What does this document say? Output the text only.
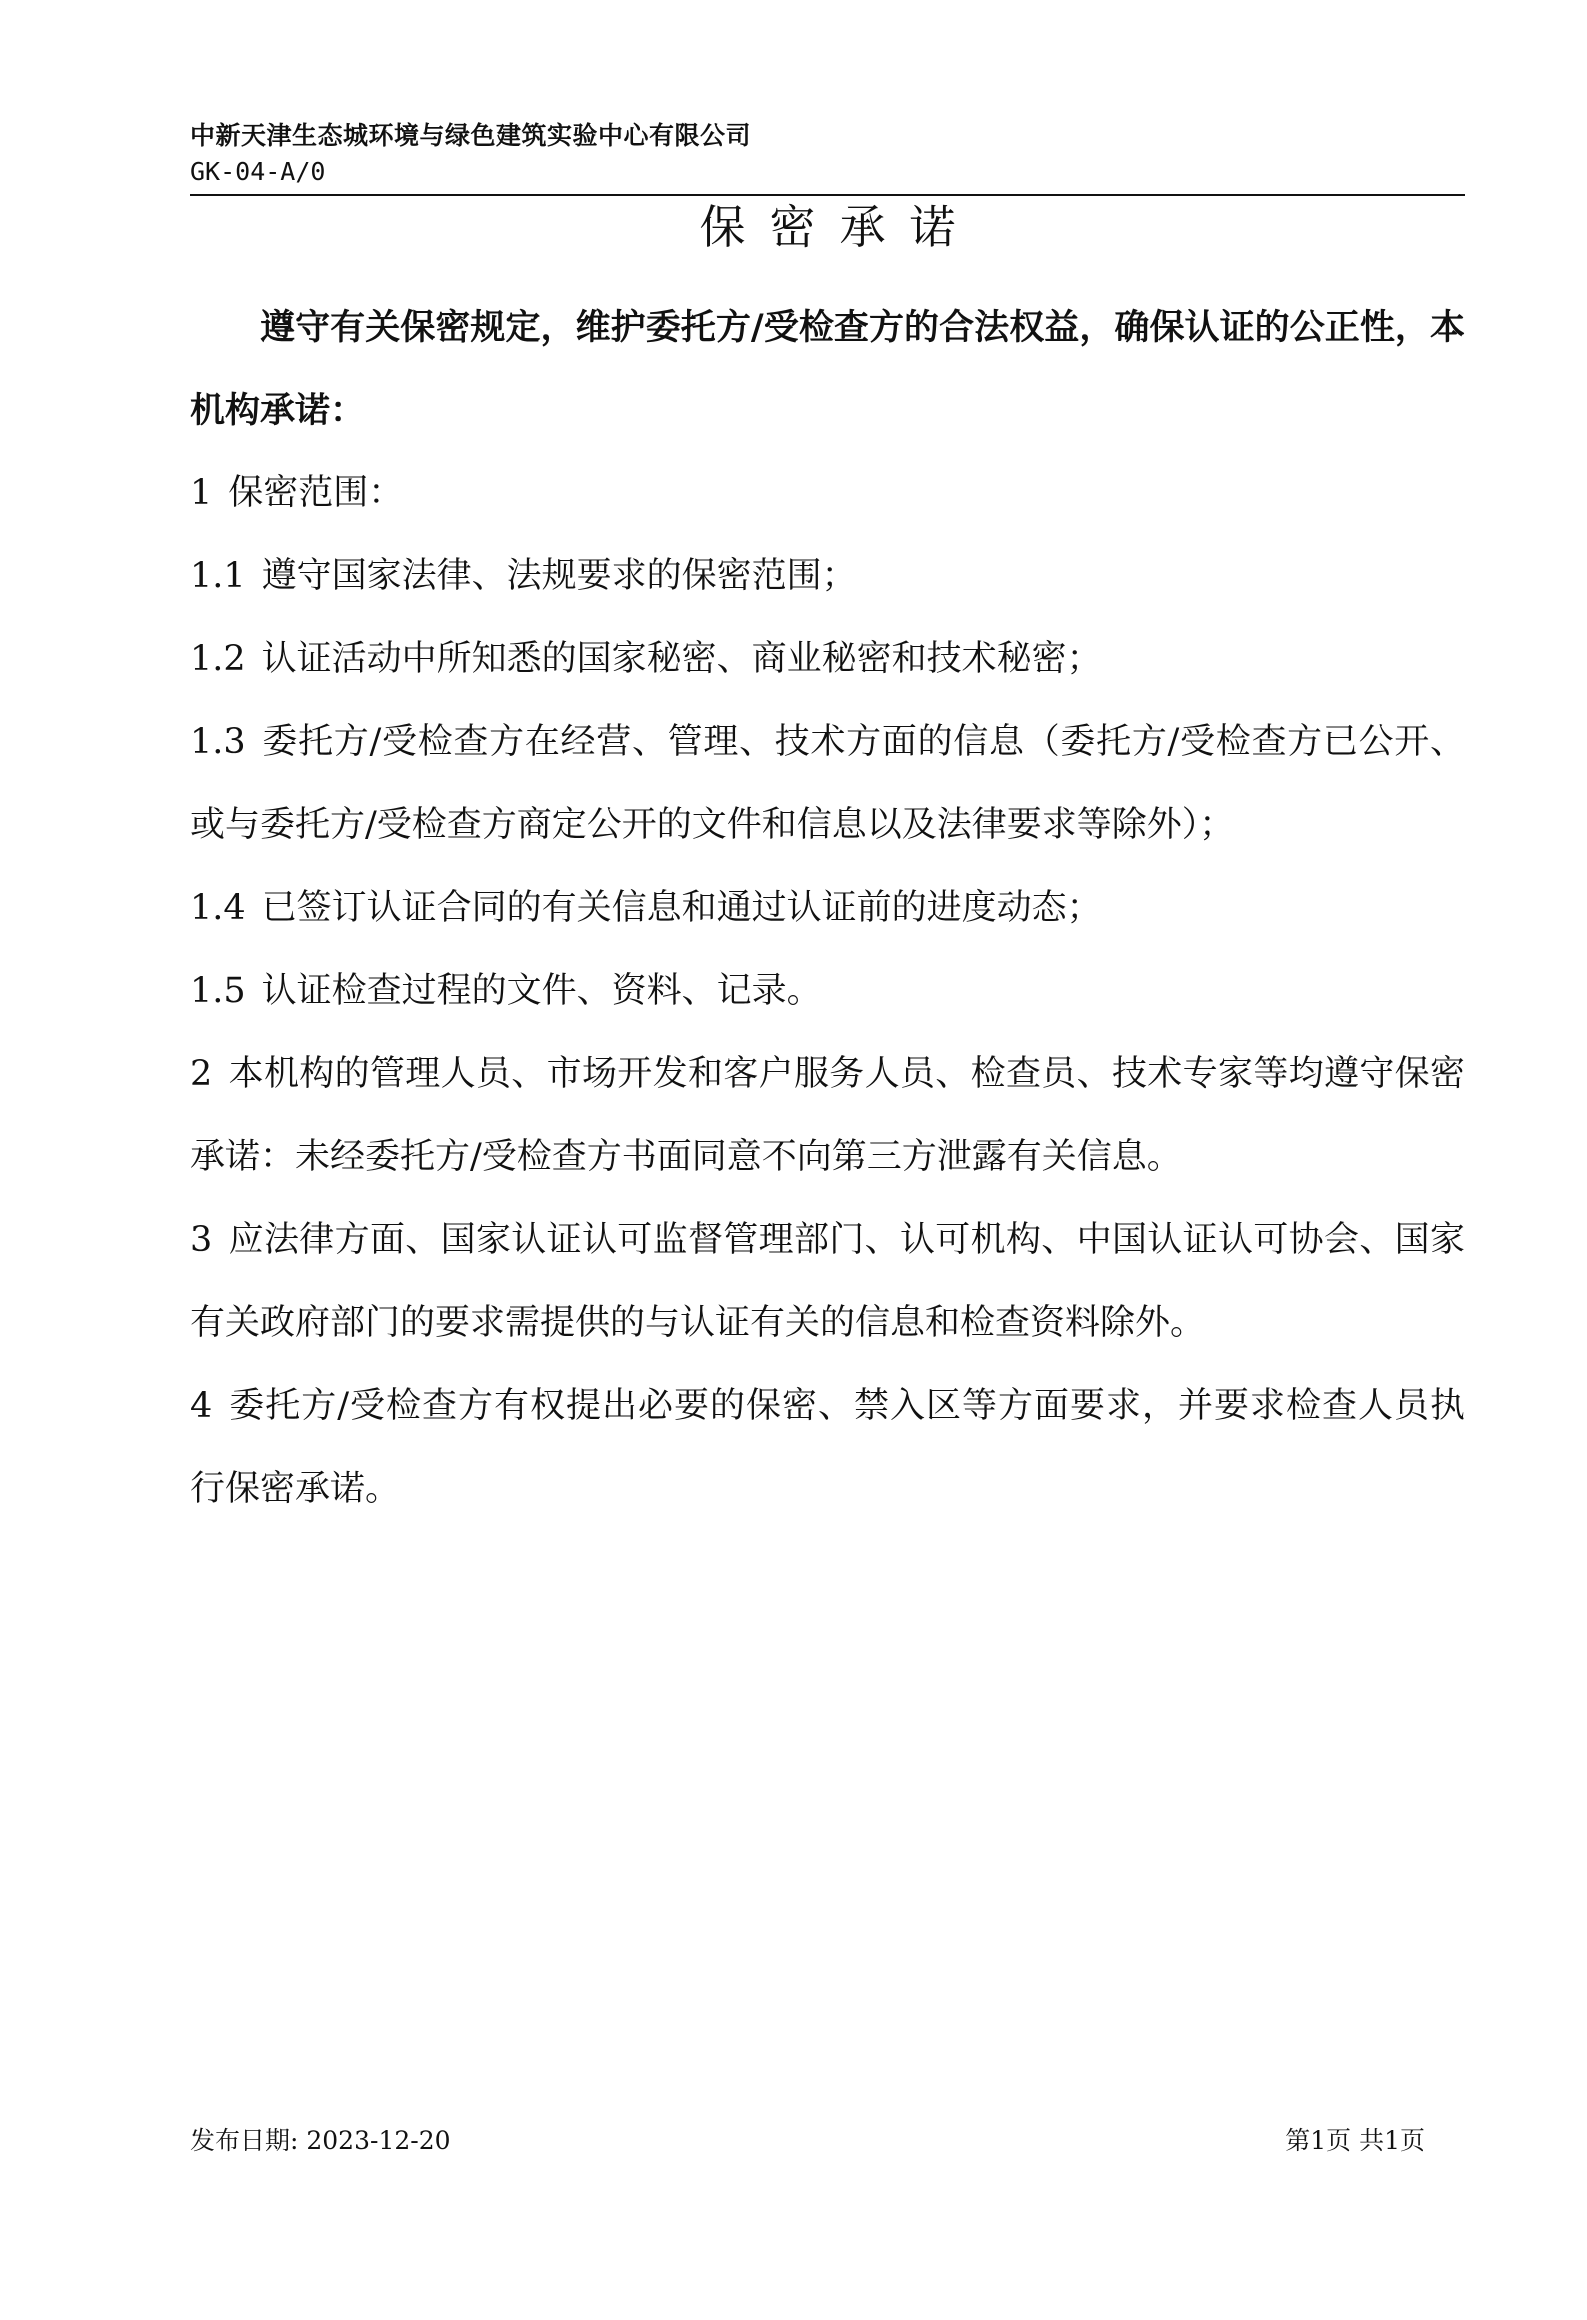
中新天津生态城环境与绿色建筑实验中心有限公司
GK-04-A/0
保密承诺

遵守有关保密规定，维护委托方/受检查方的合法权益，确保认证的公正性，本机构承诺：

1 保密范围：

1.1 遵守国家法律、法规要求的保密范围；

1.2 认证活动中所知悉的国家秘密、商业秘密和技术秘密；

1.3 委托方/受检查方在经营、管理、技术方面的信息（委托方/受检查方已公开、或与委托方/受检查方商定公开的文件和信息以及法律要求等除外）；

1.4 已签订认证合同的有关信息和通过认证前的进度动态；

1.5 认证检查过程的文件、资料、记录。

2 本机构的管理人员、市场开发和客户服务人员、检查员、技术专家等均遵守保密承诺：未经委托方/受检查方书面同意不向第三方泄露有关信息。

3 应法律方面、国家认证认可监督管理部门、认可机构、中国认证认可协会、国家有关政府部门的要求需提供的与认证有关的信息和检查资料除外。

4 委托方/受检查方有权提出必要的保密、禁入区等方面要求，并要求检查人员执行保密承诺。

发布日期: 2023-12-20	第1页 共1页
